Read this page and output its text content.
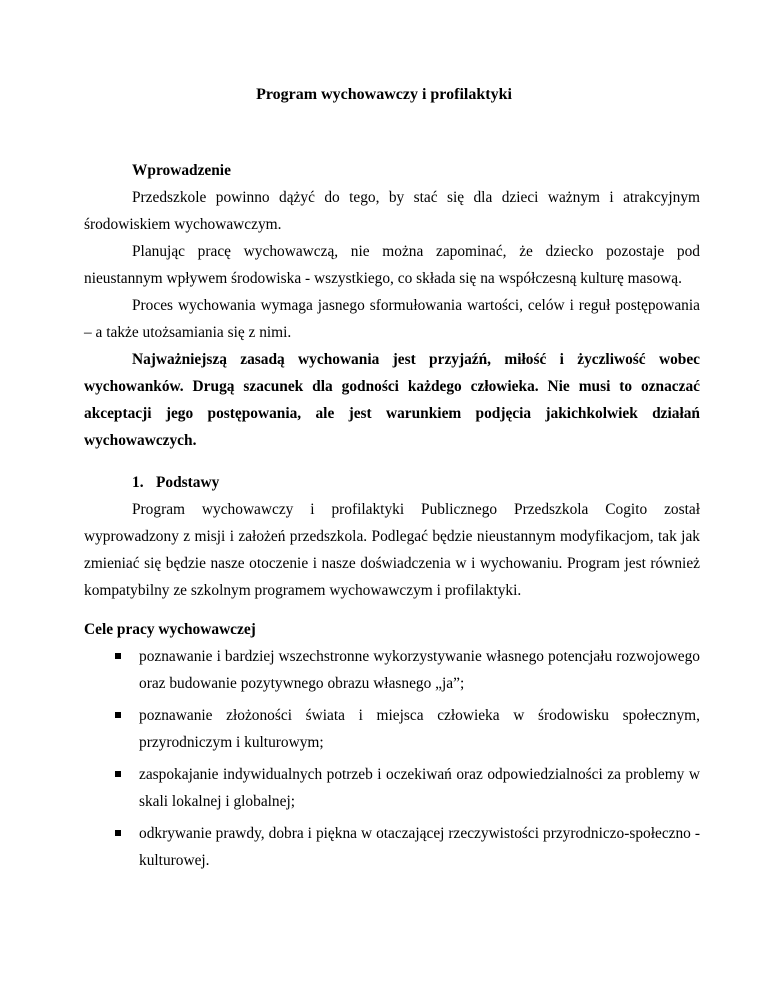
Program wychowawczy i profilaktyki
Wprowadzenie

Przedszkole powinno dążyć do tego, by stać się dla dzieci ważnym i atrakcyjnym środowiskiem wychowawczym.

Planując pracę wychowawczą, nie można zapominać, że dziecko pozostaje pod nieustannym wpływem środowiska - wszystkiego, co składa się na współczesną kulturę masową.

Proces wychowania wymaga jasnego sformułowania wartości, celów i reguł postępowania – a także utożsamiania się z nimi.

Najważniejszą zasadą wychowania jest przyjaźń, miłość i życzliwość wobec wychowanków. Drugą szacunek dla godności każdego człowieka. Nie musi to oznaczać akceptacji jego postępowania, ale jest warunkiem podjęcia jakichkolwiek działań wychowawczych.

1. Podstawy

Program wychowawczy i profilaktyki Publicznego Przedszkola Cogito został wyprowadzony z misji i założeń przedszkola. Podlegać będzie nieustannym modyfikacjom, tak jak zmieniać się będzie nasze otoczenie i nasze doświadczenia w i wychowaniu. Program jest również kompatybilny ze szkolnym programem wychowawczym i profilaktyki.

Cele pracy wychowawczej
poznawanie i bardziej wszechstronne wykorzystywanie własnego potencjału rozwojowego oraz budowanie pozytywnego obrazu własnego „ja”;
poznawanie złożoności świata i miejsca człowieka w środowisku społecznym, przyrodniczym i kulturowym;
zaspokajanie indywidualnych potrzeb i oczekiwań oraz odpowiedzialności za problemy w skali lokalnej i globalnej;
odkrywanie prawdy, dobra i piękna w otaczającej rzeczywistości przyrodniczo-społeczno - kulturowej.
